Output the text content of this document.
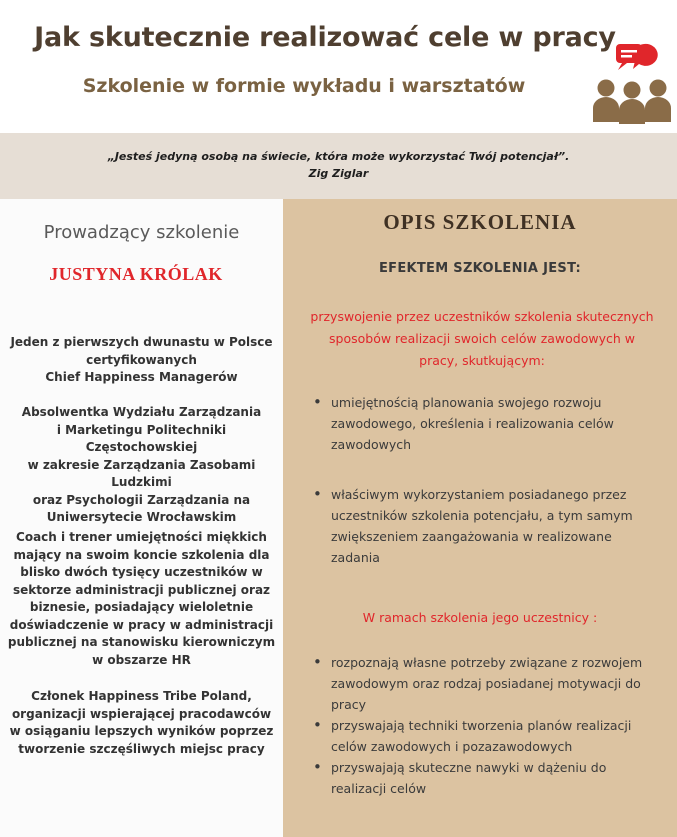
Jak skutecznie realizować cele w pracy
Szkolenie w formie wykładu i warsztatów
„Jesteś jedyną osobą na świecie, która może wykorzystać Twój potencjał”.
Zig Ziglar
Prowadzący szkolenie
JUSTYNA KRÓLAK
Jeden z pierwszych dwunastu w Polsce
certyfikowanych
Chief Happiness Managerów
Absolwentka Wydziału Zarządzania
i Marketingu Politechniki Częstochowskiej
w zakresie Zarządzania Zasobami Ludzkimi
oraz Psychologii Zarządzania na
Uniwersytecie Wrocławskim
Coach i trener umiejętności miękkich
mający na swoim koncie szkolenia dla
blisko dwóch tysięcy uczestników w
sektorze administracji publicznej oraz
biznesie, posiadający wieloletnie
doświadczenie w pracy w administracji
publicznej na stanowisku kierowniczym
w obszarze HR
Członek Happiness Tribe Poland,
organizacji wspierającej pracodawców
w osiąganiu lepszych wyników poprzez
tworzenie szczęśliwych miejsc pracy
OPIS SZKOLENIA
EFEKTEM SZKOLENIA JEST:
przyswojenie przez uczestników szkolenia skutecznych
sposobów realizacji swoich celów zawodowych w
pracy, skutkującym:
• umiejętnością planowania swojego rozwoju
zawodowego, określenia i realizowania celów
zawodowych
• właściwym wykorzystaniem posiadanego przez
uczestników szkolenia potencjału, a tym samym
zwiększeniem zaangażowania w realizowane
zadania
W ramach szkolenia jego uczestnicy :
• rozpoznają własne potrzeby związane z rozwojem
zawodowym oraz rodzaj posiadanej motywacji do
pracy
• przyswajają techniki tworzenia planów realizacji
celów zawodowych i pozazawodowych
• przyswajają skuteczne nawyki w dążeniu do
realizacji celów
